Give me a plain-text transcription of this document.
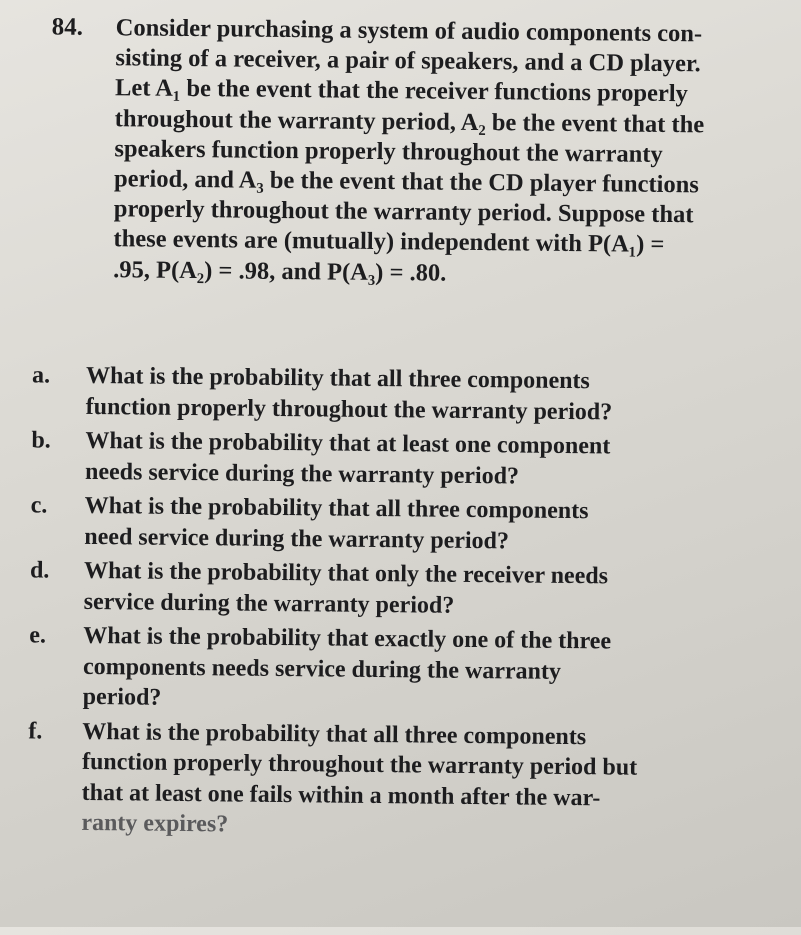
84. Consider purchasing a system of audio components con-
sisting of a receiver, a pair of speakers, and a CD player.
Let A₁ be the event that the receiver functions properly
throughout the warranty period, A₂ be the event that the
speakers function properly throughout the warranty
period, and A₃ be the event that the CD player functions
properly throughout the warranty period. Suppose that
these events are (mutually) independent with P(A₁) =
.95, P(A₂) = .98, and P(A₃) = .80.
a.	What is the probability that all three components
function properly throughout the warranty period?
b.	What is the probability that at least one component
needs service during the warranty period?
c.	What is the probability that all three components
need service during the warranty period?
d.	What is the probability that only the receiver needs
service during the warranty period?
e.	What is the probability that exactly one of the three
components needs service during the warranty
period?
f.	What is the probability that all three components
function properly throughout the warranty period but
that at least one fails within a month after the war-
ranty expires?
